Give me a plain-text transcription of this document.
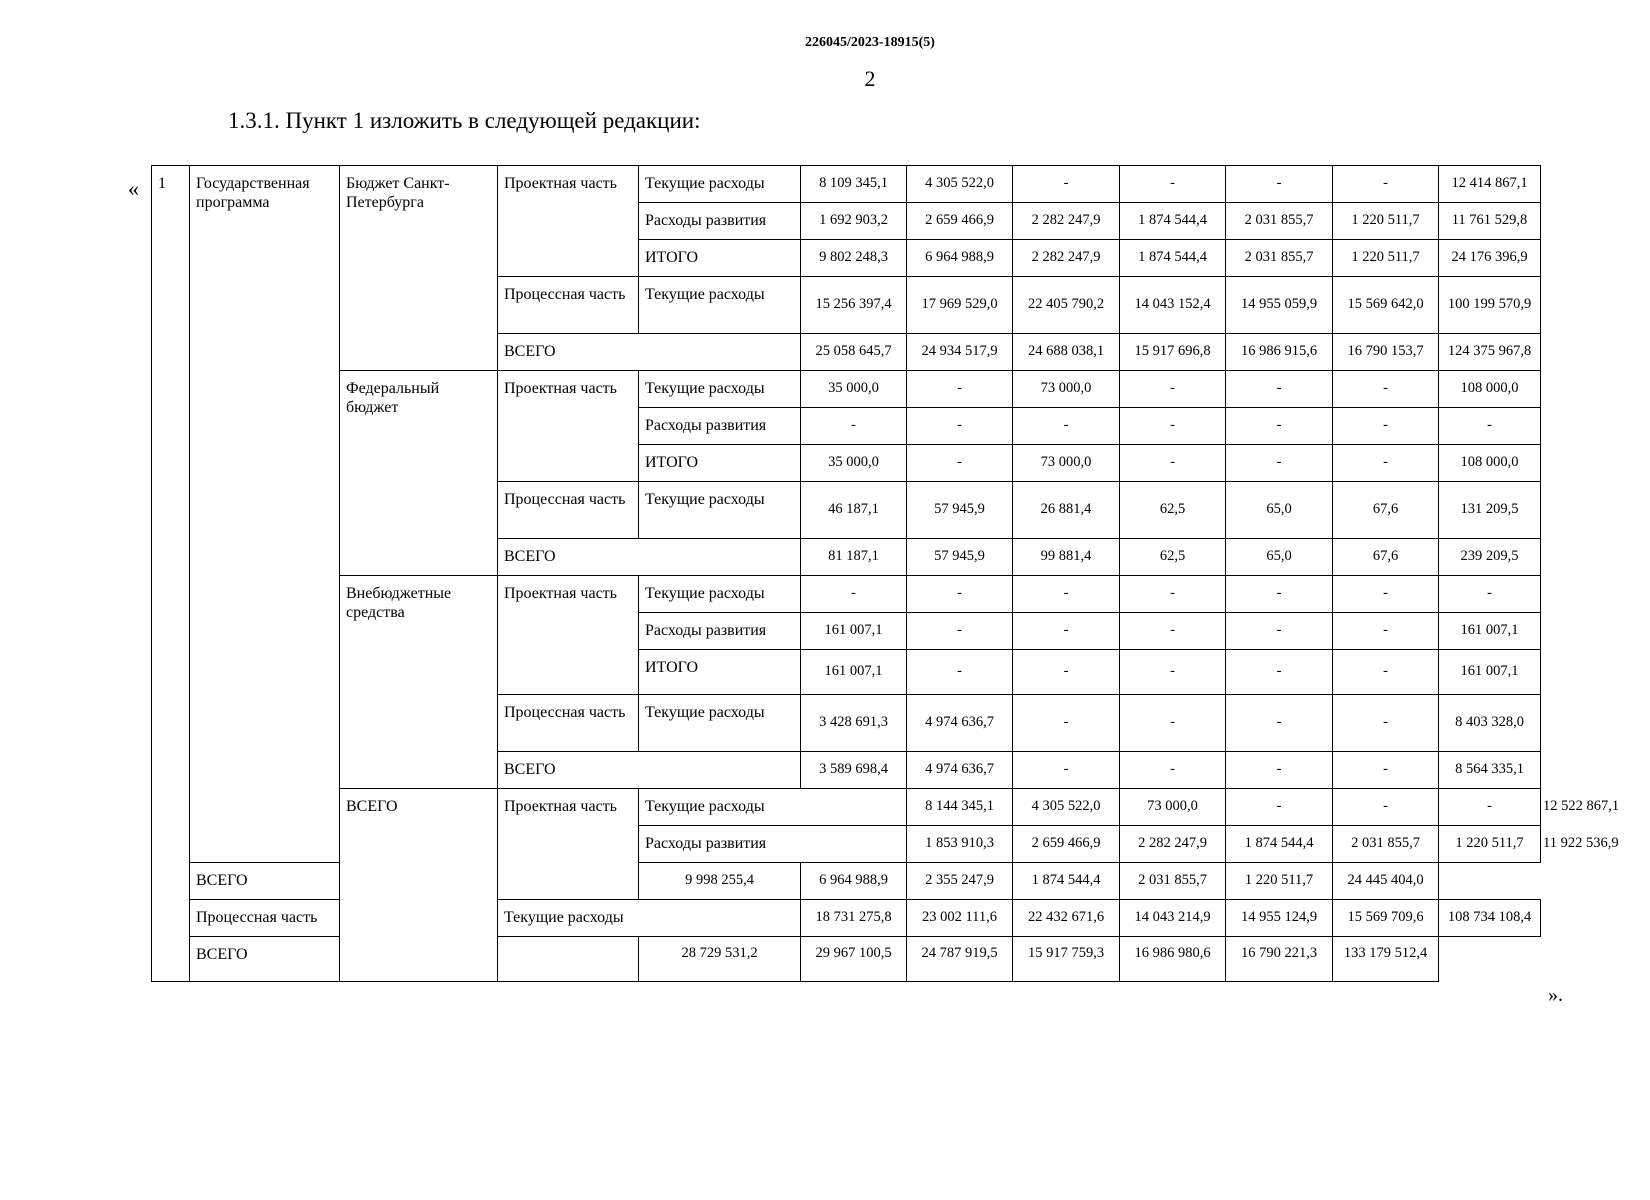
226045/2023-18915(5)
2
1.3.1. Пункт 1 изложить в следующей редакции:
«
».
1	Государственная программа	Бюджет Санкт-Петербурга	Проектная часть	Текущие расходы	8 109 345,1	4 305 522,0	-	-	-	-	12 414 867,1	
				Расходы развития	1 692 903,2	2 659 466,9	2 282 247,9	1 874 544,4	2 031 855,7	1 220 511,7	11 761 529,8	
				ИТОГО	9 802 248,3	6 964 988,9	2 282 247,9	1 874 544,4	2 031 855,7	1 220 511,7	24 176 396,9	
			Процессная часть	Текущие расходы	15 256 397,4	17 969 529,0	22 405 790,2	14 043 152,4	14 955 059,9	15 569 642,0	100 199 570,9	
			ВСЕГО		25 058 645,7	24 934 517,9	24 688 038,1	15 917 696,8	16 986 915,6	16 790 153,7	124 375 967,8	
		Федеральный бюджет	Проектная часть	Текущие расходы	35 000,0	-	73 000,0	-	-	-	108 000,0	
				Расходы развития	-	-	-	-	-	-	-	
				ИТОГО	35 000,0	-	73 000,0	-	-	-	108 000,0	
			Процессная часть	Текущие расходы	46 187,1	57 945,9	26 881,4	62,5	65,0	67,6	131 209,5	
			ВСЕГО		81 187,1	57 945,9	99 881,4	62,5	65,0	67,6	239 209,5	
		Внебюджетные средства	Проектная часть	Текущие расходы	-	-	-	-	-	-	-	
				Расходы развития	161 007,1	-	-	-	-	-	161 007,1	
				ИТОГО	161 007,1	-	-	-	-	-	161 007,1	
			Процессная часть	Текущие расходы	3 428 691,3	4 974 636,7	-	-	-	-	8 403 328,0	
			ВСЕГО		3 589 698,4	4 974 636,7	-	-	-	-	8 564 335,1	
		ВСЕГО	Проектная часть	Текущие расходы		8 144 345,1	4 305 522,0	73 000,0	-	-	-	12 522 867,1
				Расходы развития		1 853 910,3	2 659 466,9	2 282 247,9	1 874 544,4	2 031 855,7	1 220 511,7	11 922 536,9
	ВСЕГО			9 998 255,4	6 964 988,9	2 355 247,9	1 874 544,4	2 031 855,7	1 220 511,7	24 445 404,0		
	Процессная часть		Текущие расходы		18 731 275,8	23 002 111,6	22 432 671,6	14 043 214,9	14 955 124,9	15 569 709,6	108 734 108,4	
	ВСЕГО			28 729 531,2	29 967 100,5	24 787 919,5	15 917 759,3	16 986 980,6	16 790 221,3	133 179 512,4		
